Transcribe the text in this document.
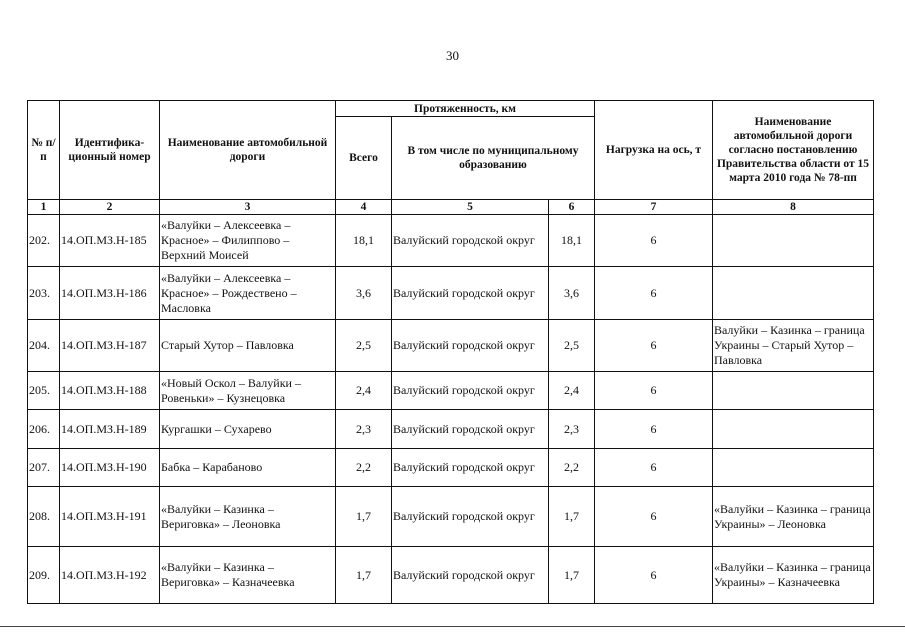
30
№ п/п	Идентифика-ционный номер	Наименование автомобильной дороги	Протяженность, км			Нагрузка на ось, т	Наименование автомобильной дороги согласно постановлению Правительства области от 15 марта 2010 года № 78-пп
			Всего	В том числе по муниципальному образованию			
1	2	3	4	5	6	7	8
202.	14.ОП.МЗ.Н-185	«Валуйки – Алексеевка – Красное» – Филиппово – Верхний Моисей	18,1	Валуйский городской округ	18,1	6	
203.	14.ОП.МЗ.Н-186	«Валуйки – Алексеевка – Красное» – Рождествено – Масловка	3,6	Валуйский городской округ	3,6	6	
204.	14.ОП.МЗ.Н-187	Старый Хутор – Павловка	2,5	Валуйский городской округ	2,5	6	Валуйки – Казинка – граница Украины – Старый Хутор – Павловка
205.	14.ОП.МЗ.Н-188	«Новый Оскол – Валуйки – Ровеньки» – Кузнецовка	2,4	Валуйский городской округ	2,4	6	
206.	14.ОП.МЗ.Н-189	Кургашки – Сухарево	2,3	Валуйский городской округ	2,3	6	
207.	14.ОП.МЗ.Н-190	Бабка – Карабаново	2,2	Валуйский городской округ	2,2	6	
208.	14.ОП.МЗ.Н-191	«Валуйки – Казинка – Вериговка» – Леоновка	1,7	Валуйский городской округ	1,7	6	«Валуйки – Казинка – граница Украины» – Леоновка
209.	14.ОП.МЗ.Н-192	«Валуйки – Казинка – Вериговка» – Казначеевка	1,7	Валуйский городской округ	1,7	6	«Валуйки – Казинка – граница Украины» – Казначеевка
